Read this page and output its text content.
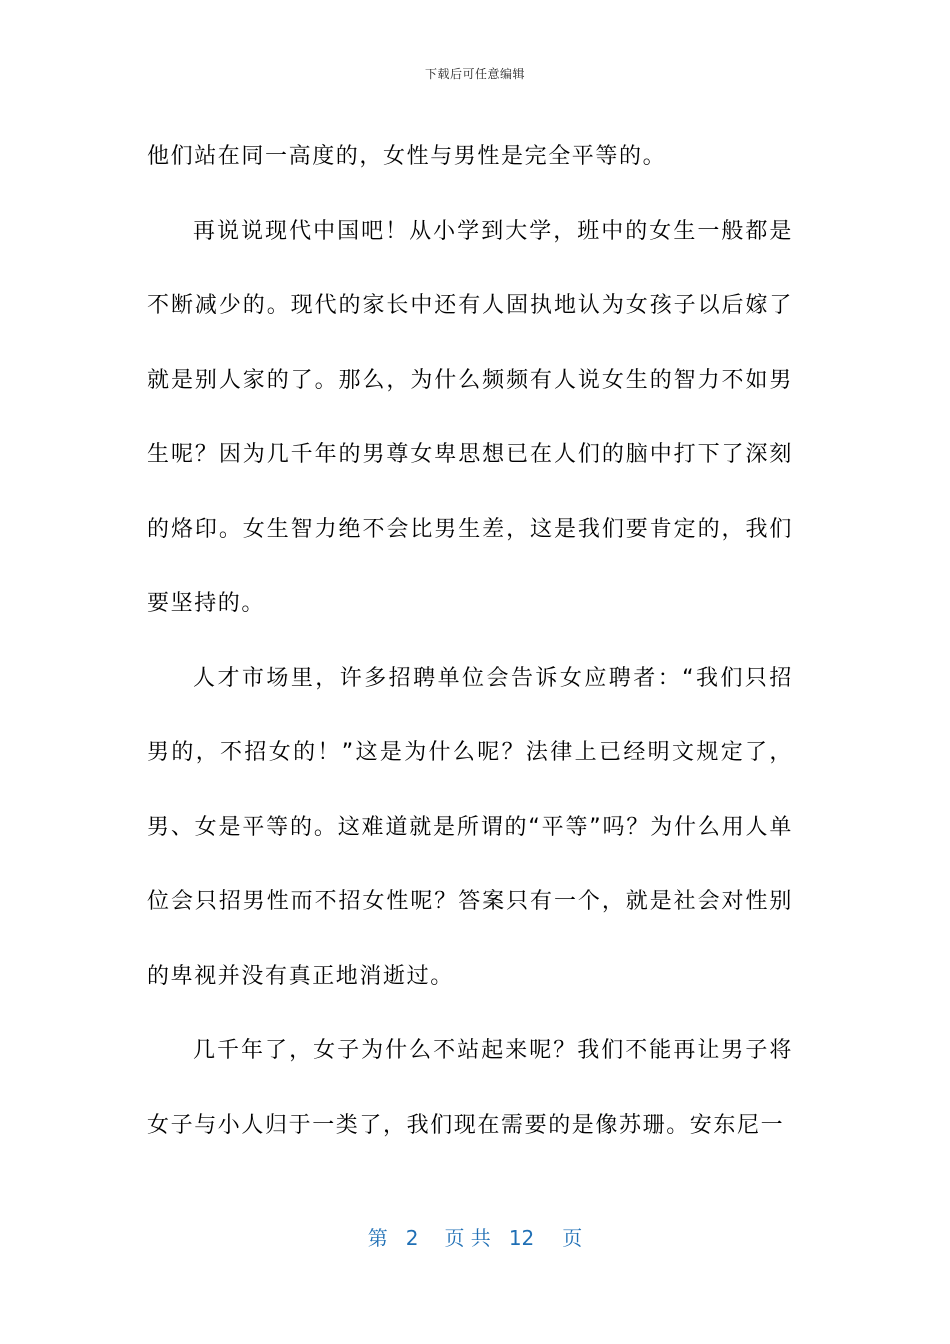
下载后可任意编辑

他们站在同一高度的，女性与男性是完全平等的。

再说说现代中国吧！从小学到大学，班中的女生一般都是不断减少的。现代的家长中还有人固执地认为女孩子以后嫁了就是别人家的了。那么，为什么频频有人说女生的智力不如男生呢？因为几千年的男尊女卑思想已在人们的脑中打下了深刻的烙印。女生智力绝不会比男生差，这是我们要肯定的，我们要坚持的。

人才市场里，许多招聘单位会告诉女应聘者：“我们只招男的，不招女的！”这是为什么呢？法律上已经明文规定了，男、女是平等的。这难道就是所谓的“平等”吗？为什么用人单位会只招男性而不招女性呢？答案只有一个，就是社会对性别的卑视并没有真正地消逝过。

几千年了，女子为什么不站起来呢？我们不能再让男子将女子与小人归于一类了，我们现在需要的是像苏珊。安东尼一

第 2 页 共 12 页
